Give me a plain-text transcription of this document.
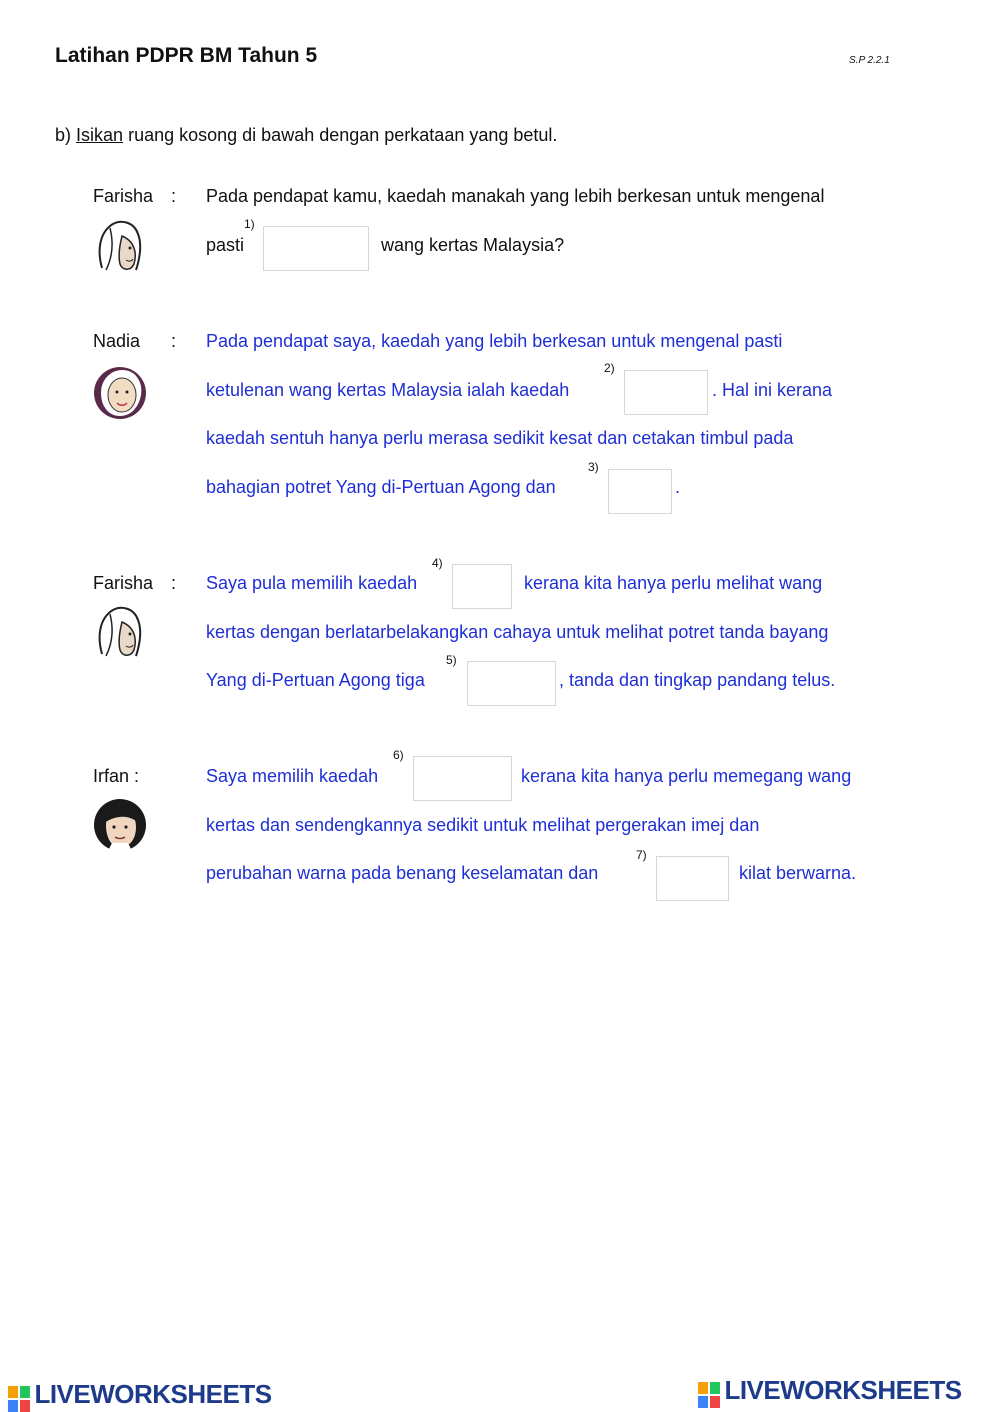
Latihan PDPR BM Tahun 5	S.P 2.2.1
b) Isikan ruang kosong di bawah dengan perkataan yang betul.
Farisha : Pada pendapat kamu, kaedah manakah yang lebih berkesan untuk mengenal
pasti
1)
wang kertas Malaysia?
Nadia : Pada pendapat saya, kaedah yang lebih berkesan untuk mengenal pasti
ketulenan wang kertas Malaysia ialah kaedah
2)
. Hal ini kerana
kaedah sentuh hanya perlu merasa sedikit kesat dan cetakan timbul pada
bahagian potret Yang di-Pertuan Agong dan
3)
.
Farisha : Saya pula memilih kaedah
4)
kerana kita hanya perlu melihat wang
kertas dengan berlatarbelakangkan cahaya untuk melihat potret tanda bayang
Yang di-Pertuan Agong tiga
5)
, tanda dan tingkap pandang telus.
Irfan :	Saya memilih kaedah
6)
kerana kita hanya perlu memegang wang
kertas dan sendengkannya sedikit untuk melihat pergerakan imej dan
perubahan warna pada benang keselamatan dan
7)
kilat berwarna.
LIVEWORKSHEETS	LIVEWORKSHEETS
